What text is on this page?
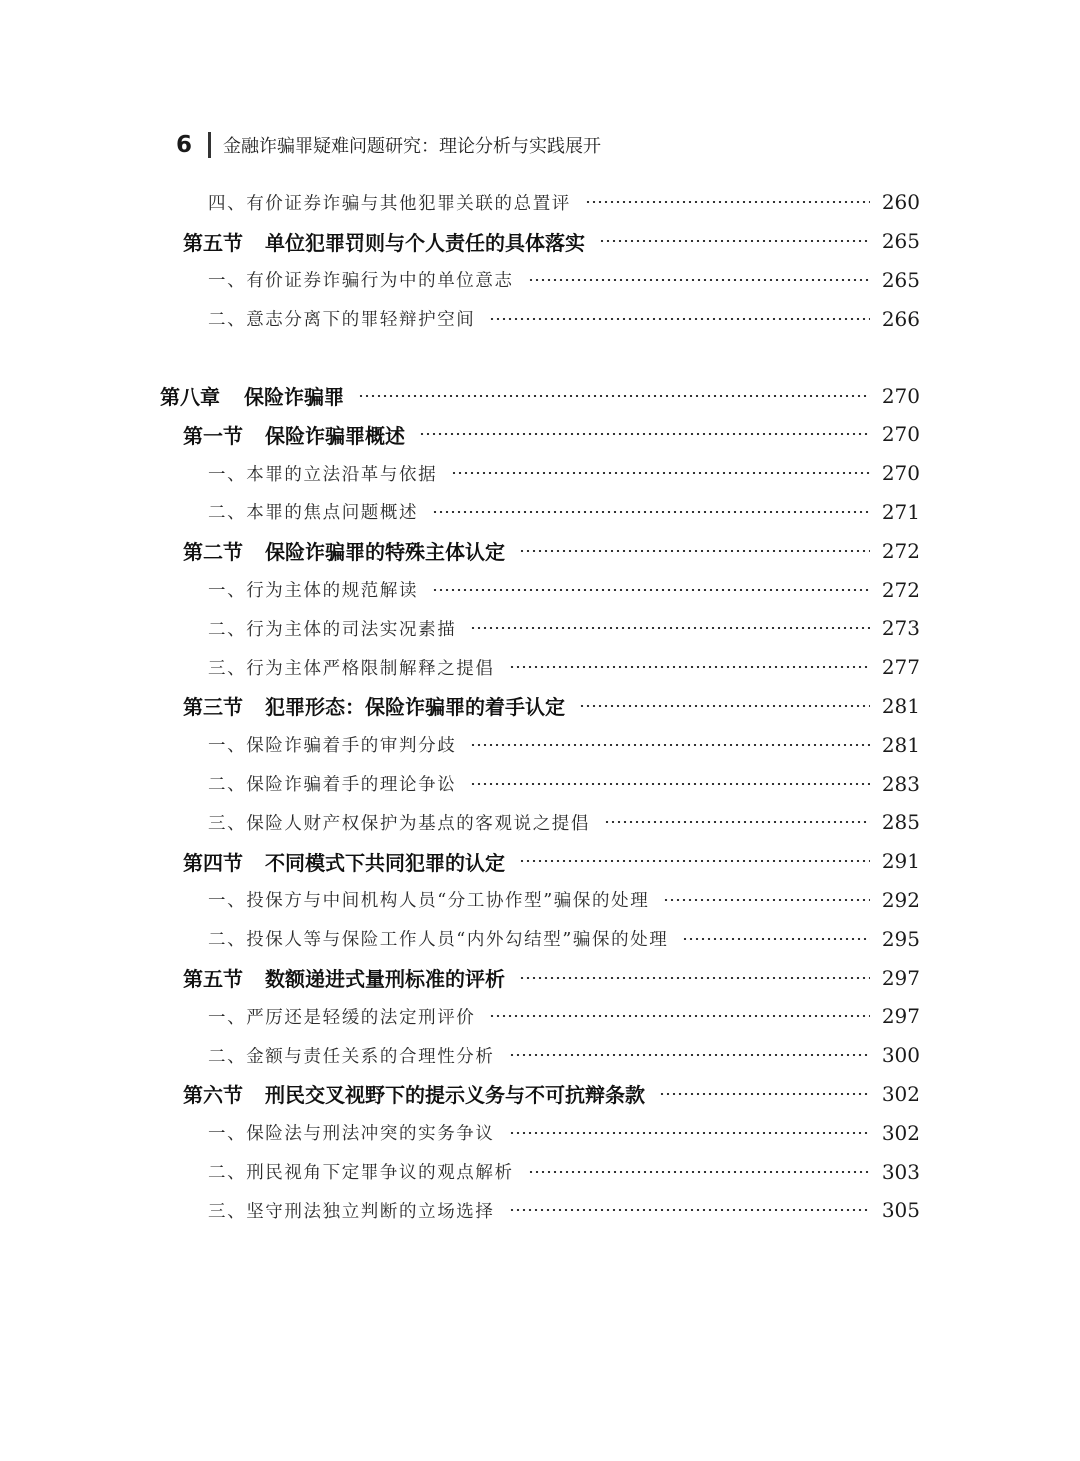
6 金融诈骗罪疑难问题研究：理论分析与实践展开
四、有价证券诈骗与其他犯罪关联的总置评	260
第五节 单位犯罪罚则与个人责任的具体落实	265
一、有价证券诈骗行为中的单位意志	265
二、意志分离下的罪轻辩护空间	266
第八章 保险诈骗罪	270
第一节 保险诈骗罪概述	270
一、本罪的立法沿革与依据	270
二、本罪的焦点问题概述	271
第二节 保险诈骗罪的特殊主体认定	272
一、行为主体的规范解读	272
二、行为主体的司法实况素描	273
三、行为主体严格限制解释之提倡	277
第三节 犯罪形态：保险诈骗罪的着手认定	281
一、保险诈骗着手的审判分歧	281
二、保险诈骗着手的理论争讼	283
三、保险人财产权保护为基点的客观说之提倡	285
第四节 不同模式下共同犯罪的认定	291
一、投保方与中间机构人员“分工协作型”骗保的处理	292
二、投保人等与保险工作人员“内外勾结型”骗保的处理	295
第五节 数额递进式量刑标准的评析	297
一、严厉还是轻缓的法定刑评价	297
二、金额与责任关系的合理性分析	300
第六节 刑民交叉视野下的提示义务与不可抗辩条款	302
一、保险法与刑法冲突的实务争议	302
二、刑民视角下定罪争议的观点解析	303
三、坚守刑法独立判断的立场选择	305
